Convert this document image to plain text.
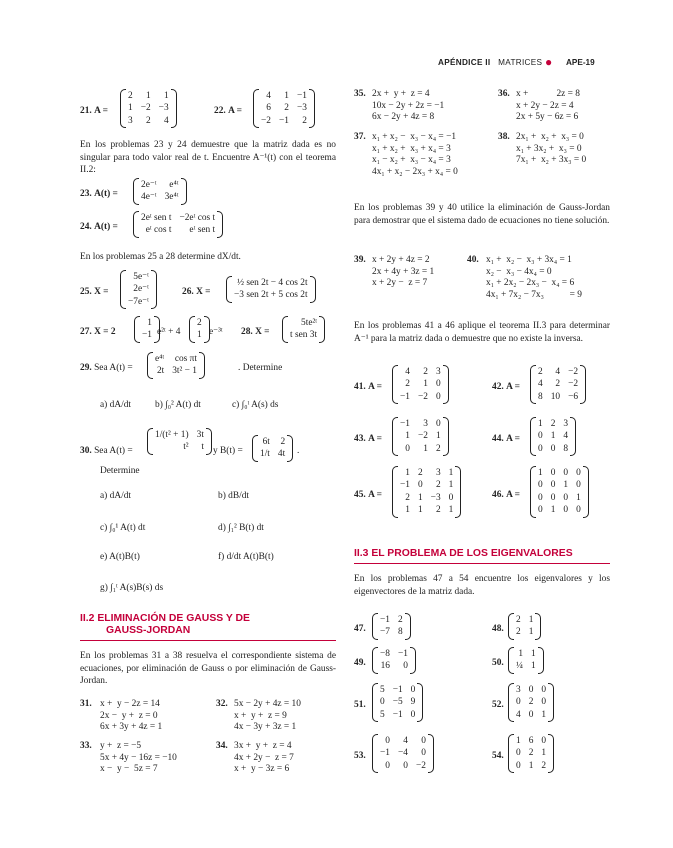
APÉNDICE II MATRICES ● APE-19
21. A =
2	1	1
1	−2	−3
3	2	4
22. A =
4	1	−1
6	2	−3
−2	−1	2
En los problemas 23 y 24 demuestre que la matriz dada es no singular para todo valor real de t. Encuentre A⁻¹(t) con el teorema II.2:
23. A(t) =
2e⁻ᵗ	e⁴ᵗ
4e⁻ᵗ	3e⁴ᵗ
24. A(t) =
2eᵗ sen t	−2eᵗ cos t
eᵗ cos t	eᵗ sen t
En los problemas 25 a 28 determine dX/dt.
25. X =
5e⁻ᵗ
2e⁻ᵗ
−7e⁻ᵗ
26. X =
½ sen 2t − 4 cos 2t
−3 sen 2t + 5 cos 2t
27. X = 2
1
−1 e²ᵗ + 4
2
1 e⁻³ᵗ 28. X =
5te²ᵗ
t sen 3t
29. Sea A(t) =
e⁴ᵗ	cos πt
2t	3t² − 1	. Determine
a) dA/dt	b) ∫₀² A(t) dt	c) ∫₀ᵗ A(s) ds
30. Sea A(t) =
1/(t² + 1)	3t
t²	t y B(t) =
6t	2
1/t	4t .
Determine
a) dA/dt	b) dB/dt
c) ∫₀¹ A(t) dt	d) ∫₁² B(t) dt
e) A(t)B(t)	f) d/dt A(t)B(t)
g) ∫₁ᵗ A(s)B(s) ds
II.2 ELIMINACIÓN DE GAUSS Y DE
GAUSS-JORDAN
En los problemas 31 a 38 resuelva el correspondiente sistema de ecuaciones, por eliminación de Gauss o por eliminación de Gauss-Jordan.
31. x +  y − 2z = 14
2x −  y +  z = 0
6x + 3y + 4z = 1
32. 5x − 2y + 4z = 10
x +  y +  z = 9
4x − 3y + 3z = 1
33. y +  z = −5
5x + 4y − 16z = −10
x −  y −  5z = 7
34. 3x +  y +  z = 4
4x + 2y −  z = 7
x +  y − 3z = 6
35. 2x +  y +  z = 4
10x − 2y + 2z = −1
6x − 2y + 4z = 8
36. x +            2z = 8
x + 2y − 2z = 4
2x + 5y − 6z = 6
37. x₁ + x₂ −  x₃ − x₄ = −1
x₁ + x₂ +  x₃ + x₄ = 3
x₁ − x₂ +  x₃ − x₄ = 3
4x₁ + x₂ − 2x₃ + x₄ = 0
38. 2x₁ +  x₂ +  x₃ = 0
x₁ + 3x₂ +  x₃ = 0
7x₁ +  x₂ + 3x₃ = 0
En los problemas 39 y 40 utilice la eliminación de Gauss-Jordan para demostrar que el sistema dado de ecuaciones no tiene solución.
39. x + 2y + 4z = 2
2x + 4y + 3z = 1
x + 2y −  z = 7
40. x₁ +  x₂ −  x₃ + 3x₄ = 1
x₂ −  x₃ − 4x₄ = 0
x₁ + 2x₂ − 2x₃ −  x₄ = 6
4x₁ + 7x₂ − 7x₃           = 9
En los problemas 41 a 46 aplique el teorema II.3 para determinar A⁻¹ para la matriz dada o demuestre que no existe la inversa.
41. A =
4	2	3
2	1	0
−1	−2	0
42. A =
2	4	−2
4	2	−2
8	10	−6
43. A =
−1	3	0
1	−2	1
0	1	2
44. A =
1	2	3
0	1	4
0	0	8
45. A =
1	2	3	1
−1	0	2	1
2	1	−3	0
1	1	2	1
46. A =
1	0	0	0
0	0	1	0
0	0	0	1
0	1	0	0
II.3 EL PROBLEMA DE LOS EIGENVALORES
En los problemas 47 a 54 encuentre los eigenvalores y los eigenvectores de la matriz dada.
47.
−1	2
−7	8	48.
2	1
2	1
49.
−8	−1
16	0	50.
1	1
¼	1
51.
5	−1	0
0	−5	9
5	−1	0
52.
3	0	0
0	2	0
4	0	1
53.
0	4	0
−1	−4	0
0	0	−2
54.
1	6	0
0	2	1
0	1	2
